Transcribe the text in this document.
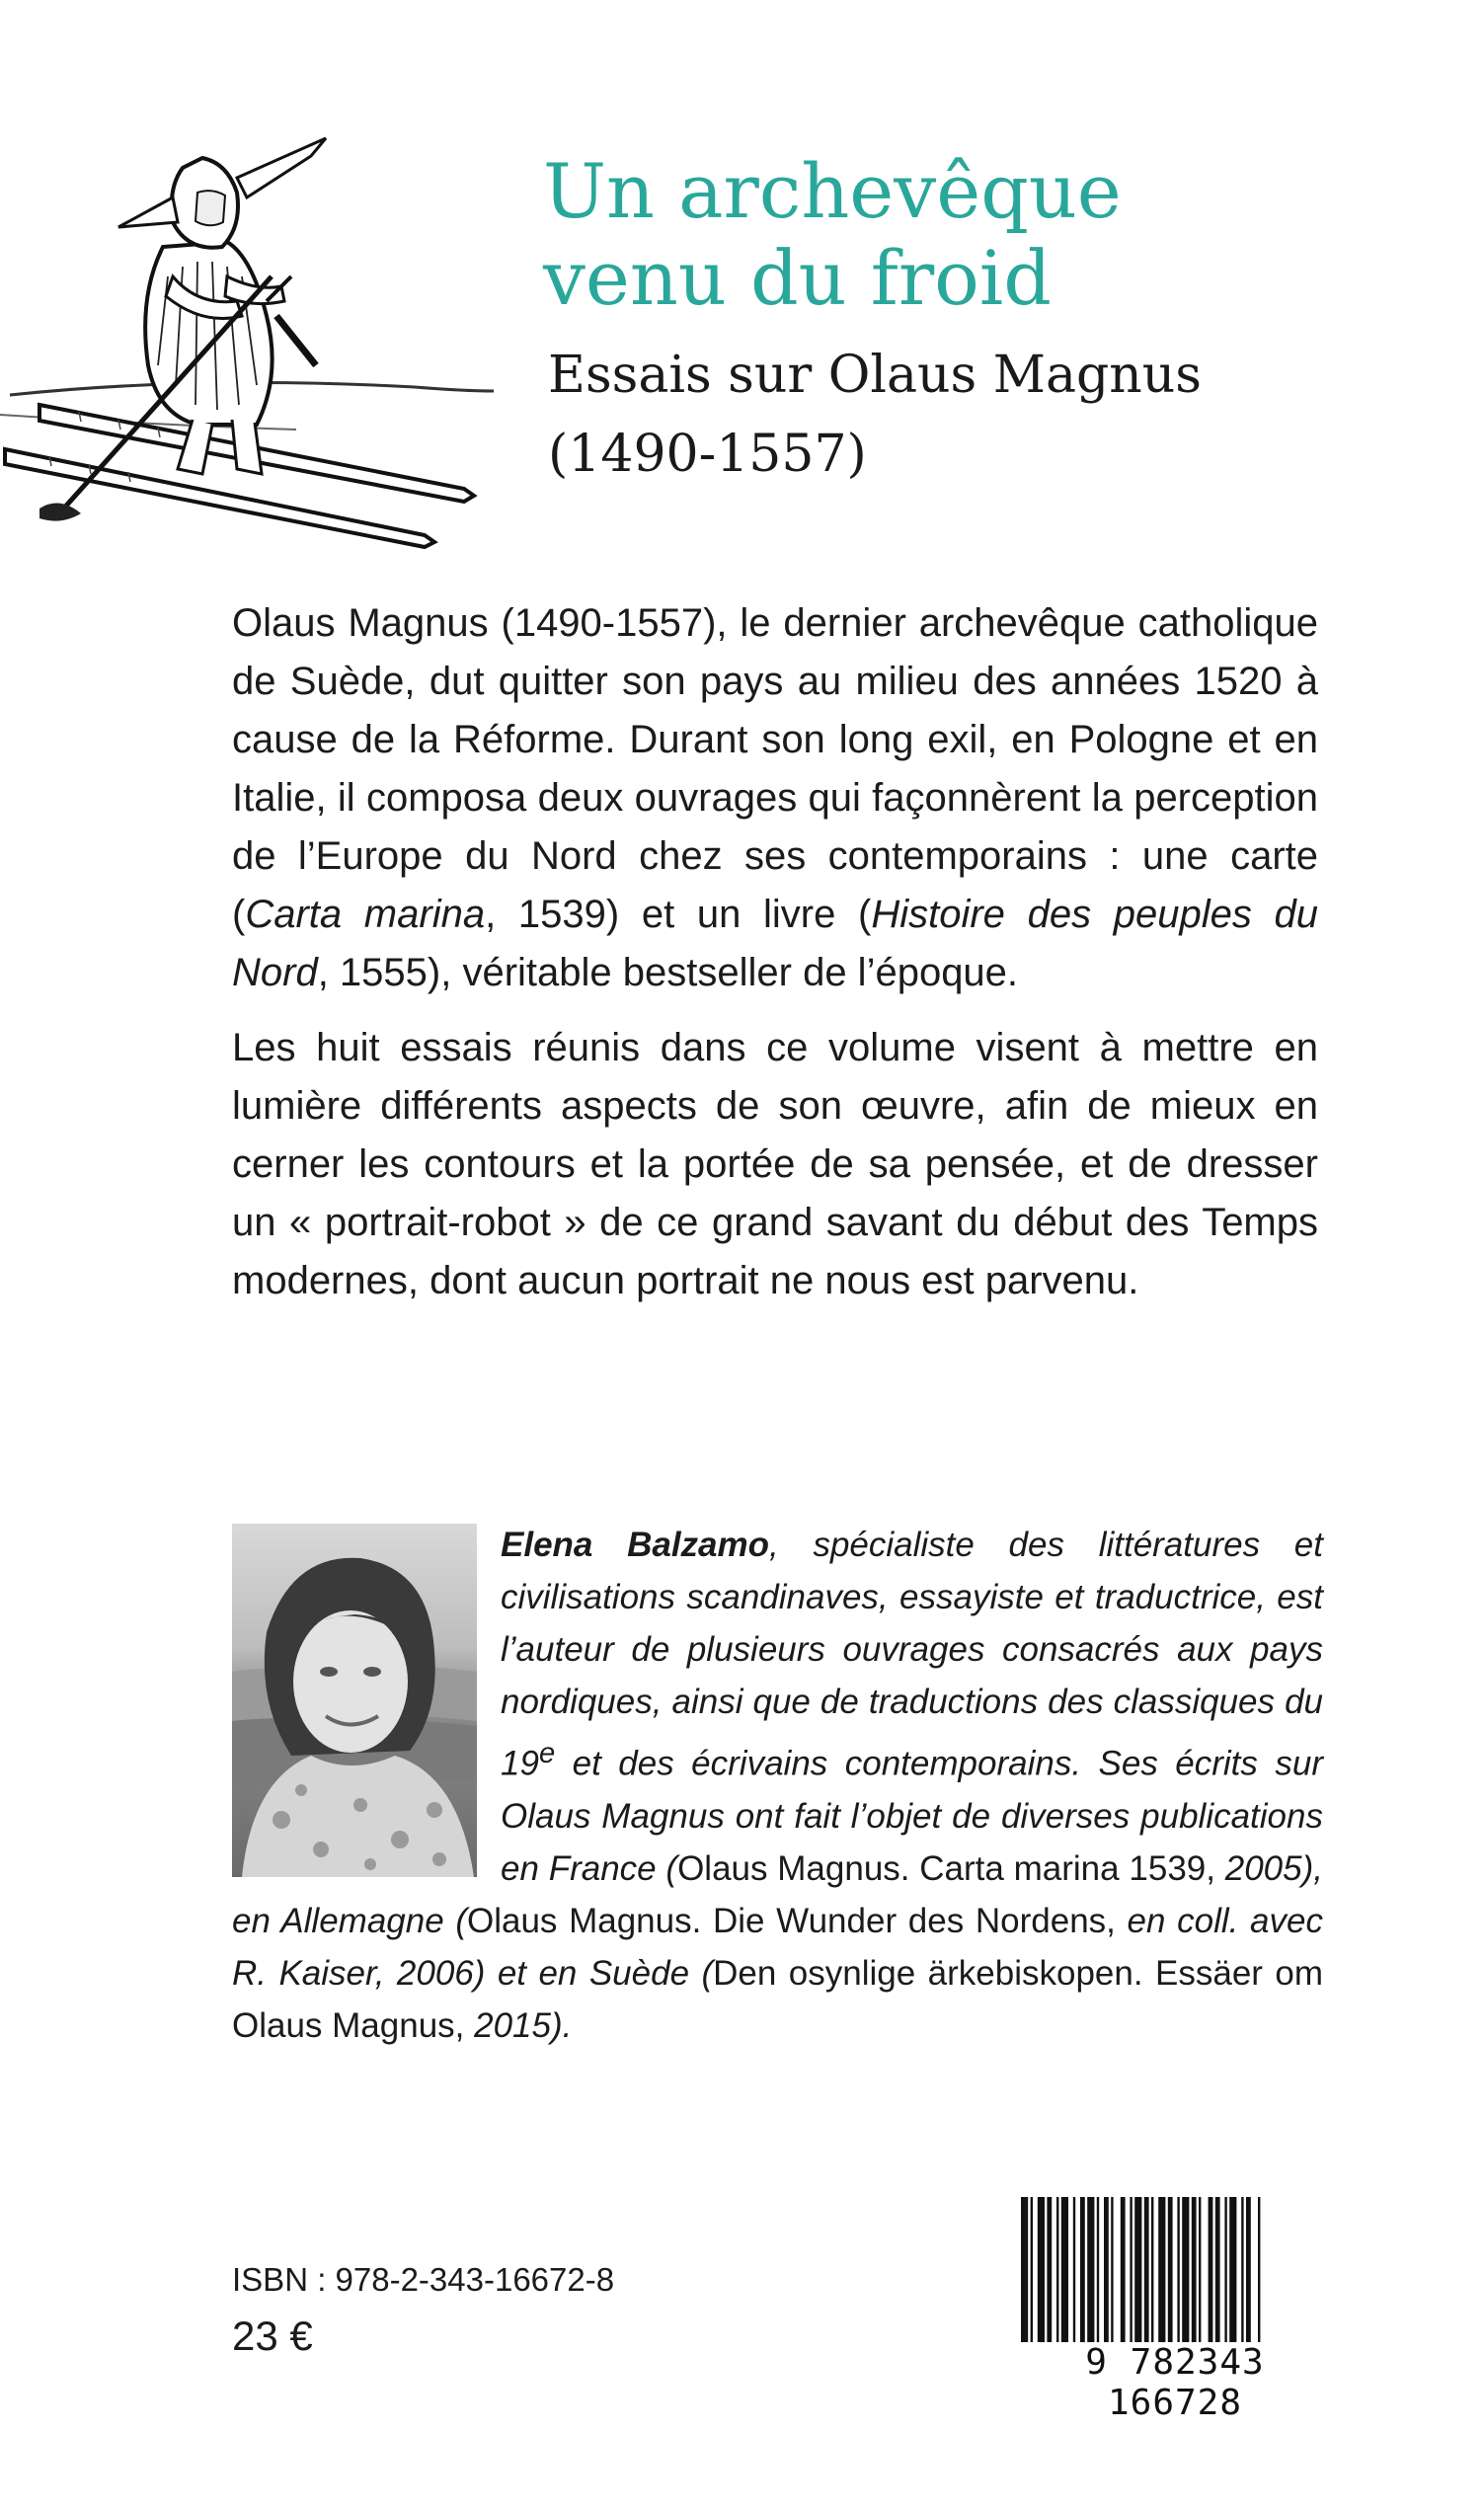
Un archevêque
venu du froid
Essais sur Olaus Magnus
(1490-1557)

Olaus Magnus (1490-1557), le dernier archevêque catholique de Suède, dut quitter son pays au milieu des années 1520 à cause de la Réforme. Durant son long exil, en Pologne et en Italie, il composa deux ouvrages qui façonnèrent la perception de l’Europe du Nord chez ses contemporains : une carte (Carta marina, 1539) et un livre (Histoire des peuples du Nord, 1555), véritable bestseller de l’époque.

Les huit essais réunis dans ce volume visent à mettre en lumière différents aspects de son œuvre, afin de mieux en cerner les contours et la portée de sa pensée, et de dresser un « portrait-robot » de ce grand savant du début des Temps modernes, dont aucun portrait ne nous est parvenu.

Elena Balzamo, spécialiste des littératures et civilisations scandinaves, essayiste et traductrice, est l’auteur de plusieurs ouvrages consacrés aux pays nordiques, ainsi que de traductions des classiques du 19e et des écrivains contemporains. Ses écrits sur Olaus Magnus ont fait l’objet de diverses publications en France (Olaus Magnus. Carta marina 1539, 2005), en Allemagne (Olaus Magnus. Die Wunder des Nordens, en coll. avec R. Kaiser, 2006) et en Suède (Den osynlige ärkebiskopen. Essäer om Olaus Magnus, 2015).
ISBN : 978-2-343-16672-8
23 €
9 782343 166728
